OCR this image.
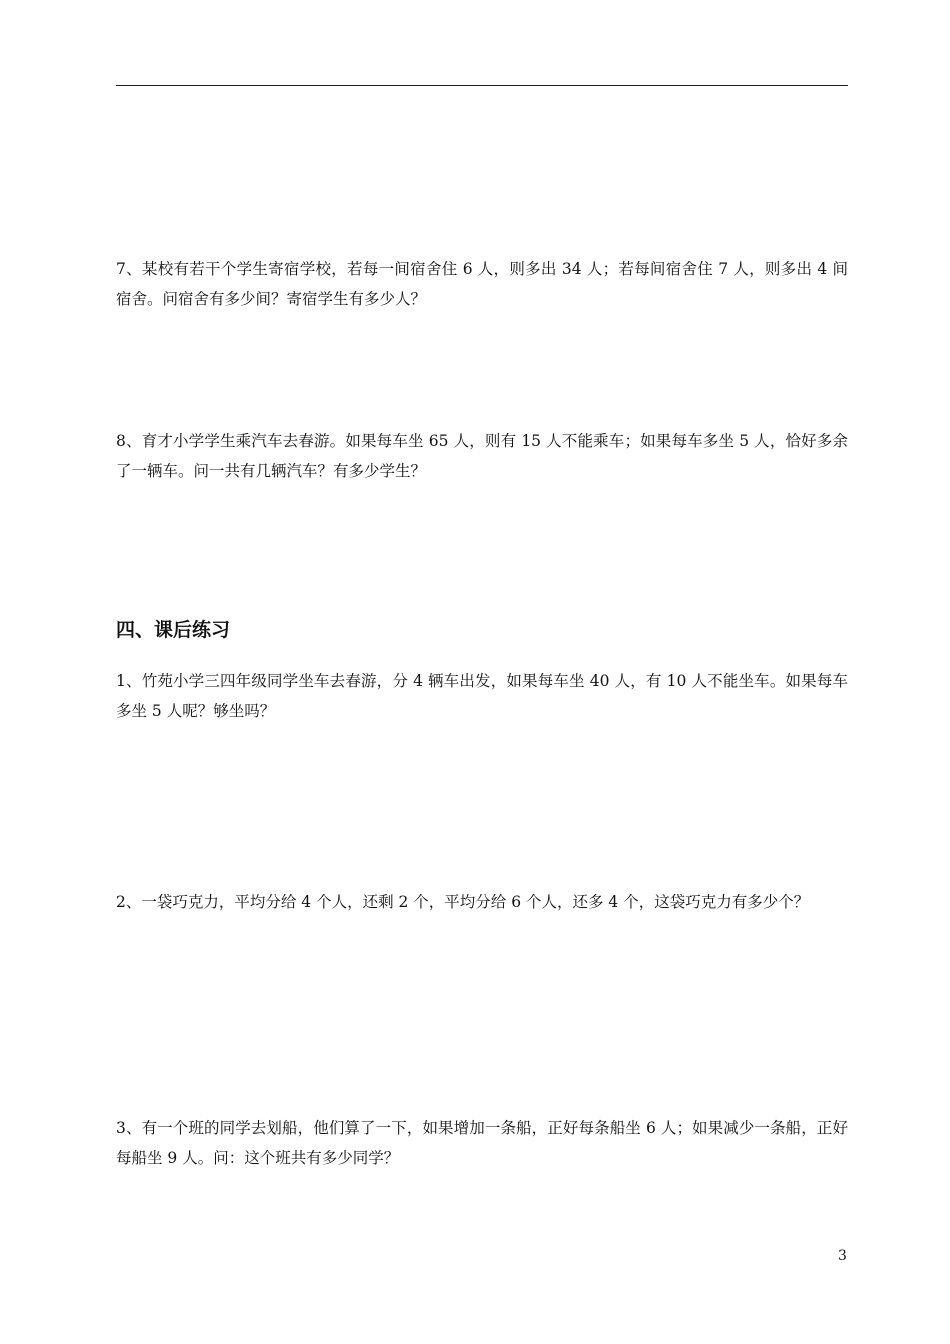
7、某校有若干个学生寄宿学校，若每一间宿舍住 6 人，则多出 34 人；若每间宿舍住 7 人，则多出 4 间宿舍。问宿舍有多少间？寄宿学生有多少人？
8、育才小学学生乘汽车去春游。如果每车坐 65 人，则有 15 人不能乘车；如果每车多坐 5 人，恰好多余了一辆车。问一共有几辆汽车？有多少学生？
四、课后练习
1、竹苑小学三四年级同学坐车去春游，分 4 辆车出发，如果每车坐 40 人，有 10 人不能坐车。如果每车多坐 5 人呢？够坐吗？
2、一袋巧克力，平均分给 4 个人，还剩 2 个，平均分给 6 个人，还多 4 个，这袋巧克力有多少个？
3、有一个班的同学去划船，他们算了一下，如果增加一条船，正好每条船坐 6 人；如果减少一条船，正好每船坐 9 人。问：这个班共有多少同学？
3
